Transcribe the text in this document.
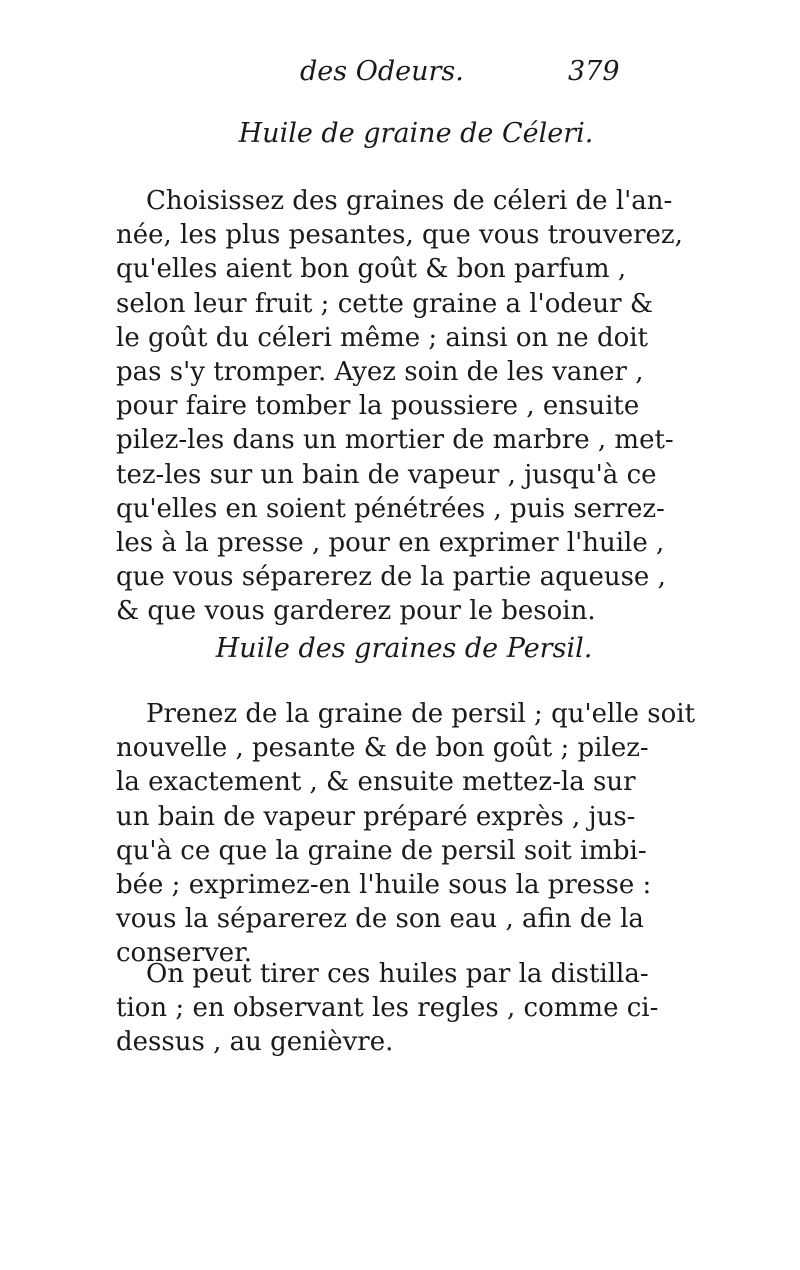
des Odeurs.	379
Huile de graine de Céleri.
Choisissez des graines de céleri de l'an-
née, les plus pesantes, que vous trouverez,
qu'elles aient bon goût & bon parfum ,
selon leur fruit ; cette graine a l'odeur &
le goût du céleri même ; ainsi on ne doit
pas s'y tromper. Ayez soin de les vaner ,
pour faire tomber la poussiere , ensuite
pilez-les dans un mortier de marbre , met-
tez-les sur un bain de vapeur , jusqu'à ce
qu'elles en soient pénétrées , puis serrez-
les à la presse , pour en exprimer l'huile ,
que vous séparerez de la partie aqueuse ,
& que vous garderez pour le besoin.
Huile des graines de Persil.
Prenez de la graine de persil ; qu'elle soit
nouvelle , pesante & de bon goût ; pilez-
la exactement , & ensuite mettez-la sur
un bain de vapeur préparé exprès , jus-
qu'à ce que la graine de persil soit imbi-
bée ; exprimez-en l'huile sous la presse :
vous la séparerez de son eau , afin de la
conserver.
On peut tirer ces huiles par la distilla-
tion ; en observant les regles , comme ci-
dessus , au genièvre.
